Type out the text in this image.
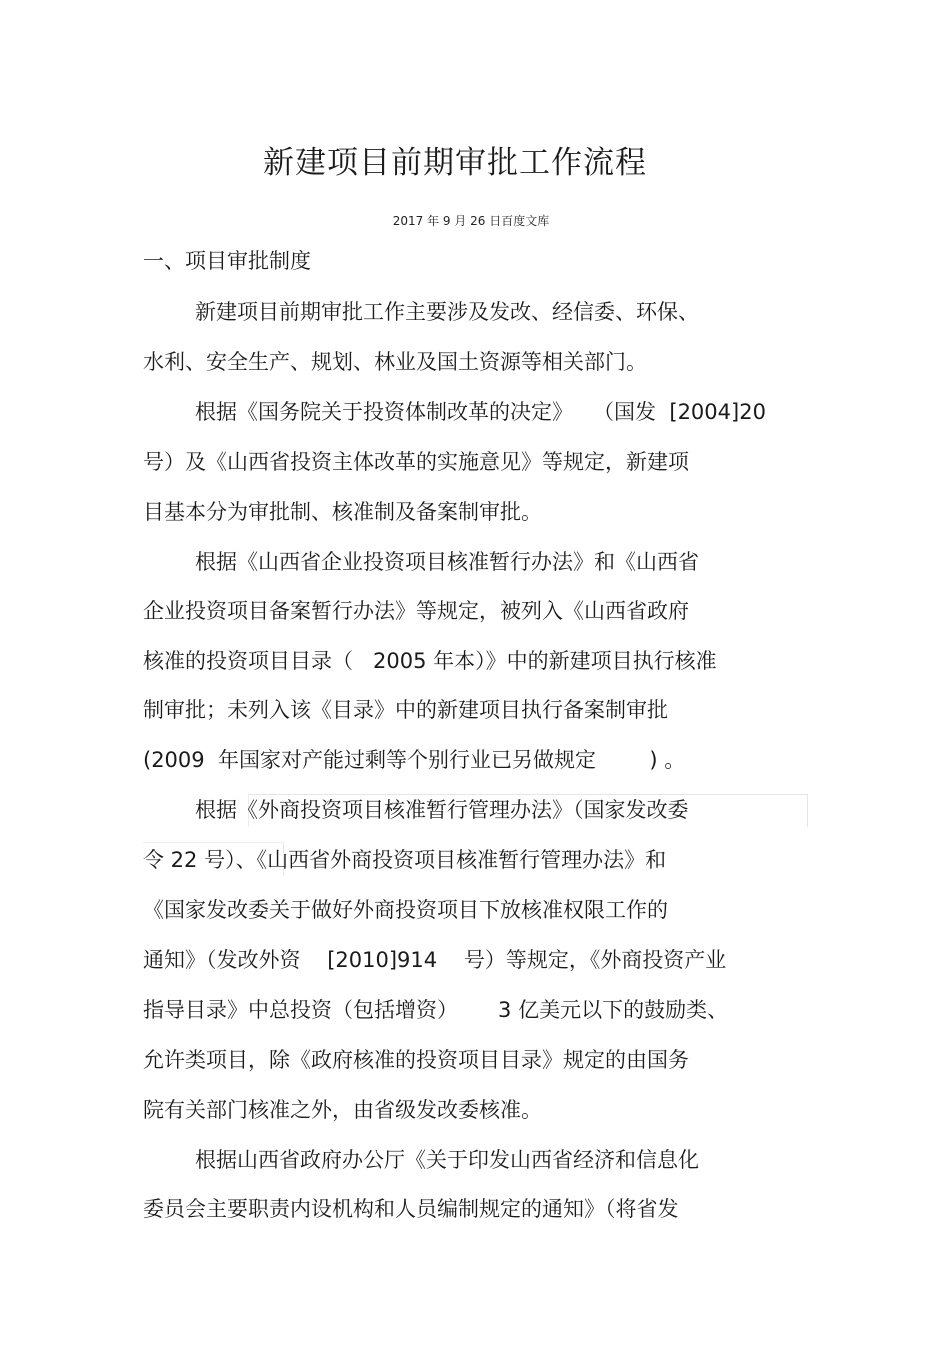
新建项目前期审批工作流程
2017 年 9 月 26 日百度文库
一、项目审批制度
新建项目前期审批工作主要涉及发改、经信委、环保、
水利、安全生产、规划、林业及国土资源等相关部门。
根据《国务院关于投资体制改革的决定》   （国发  [2004]20
号）及《山西省投资主体改革的实施意见》等规定，新建项
目基本分为审批制、核准制及备案制审批。
根据《山西省企业投资项目核准暂行办法》和《山西省
企业投资项目备案暂行办法》等规定，被列入《山西省政府
核准的投资项目目录（   2005 年本）》中的新建项目执行核准
制审批；未列入该《目录》中的新建项目执行备案制审批
(2009  年国家对产能过剩等个别行业已另做规定        ) 。
根据《外商投资项目核准暂行管理办法》（国家发改委
令 22 号）、《山西省外商投资项目核准暂行管理办法》和
《国家发改委关于做好外商投资项目下放核准权限工作的
通知》（发改外资    [2010]914    号）等规定，《外商投资产业
指导目录》中总投资（包括增资）      3 亿美元以下的鼓励类、
允许类项目，除《政府核准的投资项目目录》规定的由国务
院有关部门核准之外，由省级发改委核准。
根据山西省政府办公厅《关于印发山西省经济和信息化
委员会主要职责内设机构和人员编制规定的通知》（将省发
